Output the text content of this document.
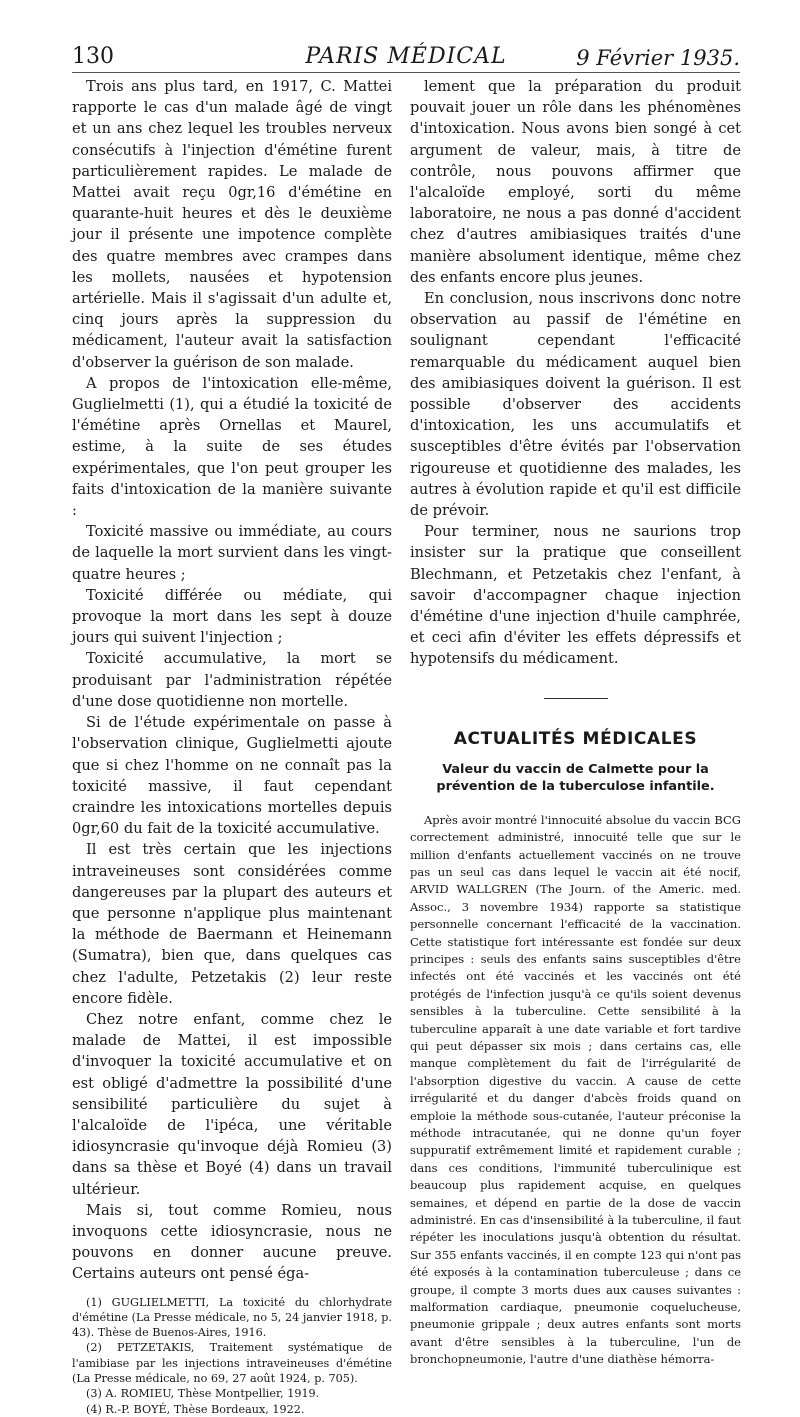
130	PARIS MÉDICAL	9 Février 1935.

Trois ans plus tard, en 1917, C. Mattei rapporte le cas d'un malade âgé de vingt et un ans chez lequel les troubles nerveux consécutifs à l'injection d'émétine furent particulièrement rapides. Le malade de Mattei avait reçu 0gr,16 d'émétine en quarante-huit heures et dès le deuxième jour il présente une impotence complète des quatre membres avec crampes dans les mollets, nausées et hypotension artérielle. Mais il s'agissait d'un adulte et, cinq jours après la suppression du médicament, l'auteur avait la satisfaction d'observer la guérison de son malade.

A propos de l'intoxication elle-même, Guglielmetti (1), qui a étudié la toxicité de l'émétine après Ornellas et Maurel, estime, à la suite de ses études expérimentales, que l'on peut grouper les faits d'intoxication de la manière suivante :

Toxicité massive ou immédiate, au cours de laquelle la mort survient dans les vingt-quatre heures ;

Toxicité différée ou médiate, qui provoque la mort dans les sept à douze jours qui suivent l'injection ;

Toxicité accumulative, la mort se produisant par l'administration répétée d'une dose quotidienne non mortelle.

Si de l'étude expérimentale on passe à l'observation clinique, Guglielmetti ajoute que si chez l'homme on ne connaît pas la toxicité massive, il faut cependant craindre les intoxications mortelles depuis 0gr,60 du fait de la toxicité accumulative.

Il est très certain que les injections intraveineuses sont considérées comme dangereuses par la plupart des auteurs et que personne n'applique plus maintenant la méthode de Baermann et Heinemann (Sumatra), bien que, dans quelques cas chez l'adulte, Petzetakis (2) leur reste encore fidèle.

Chez notre enfant, comme chez le malade de Mattei, il est impossible d'invoquer la toxicité accumulative et on est obligé d'admettre la possibilité d'une sensibilité particulière du sujet à l'alcaloïde de l'ipéca, une véritable idiosyncrasie qu'invoque déjà Romieu (3) dans sa thèse et Boyé (4) dans un travail ultérieur.

Mais si, tout comme Romieu, nous invoquons cette idiosyncrasie, nous ne pouvons en donner aucune preuve. Certains auteurs ont pensé éga-

(1) GUGLIELMETTI, La toxicité du chlorhydrate d'émétine (La Presse médicale, no 5, 24 janvier 1918, p. 43). Thèse de Buenos-Aires, 1916.

(2) PETZETAKIS, Traitement systématique de l'amibiase par les injections intraveineuses d'émétine (La Presse médicale, no 69, 27 août 1924, p. 705).

(3) A. ROMIEU, Thèse Montpellier, 1919.

(4) R.-P. BOYÉ, Thèse Bordeaux, 1922.

lement que la préparation du produit pouvait jouer un rôle dans les phénomènes d'intoxication. Nous avons bien songé à cet argument de valeur, mais, à titre de contrôle, nous pouvons affirmer que l'alcaloïde employé, sorti du même laboratoire, ne nous a pas donné d'accident chez d'autres amibiasiques traités d'une manière absolument identique, même chez des enfants encore plus jeunes.

En conclusion, nous inscrivons donc notre observation au passif de l'émétine en soulignant cependant l'efficacité remarquable du médicament auquel bien des amibiasiques doivent la guérison. Il est possible d'observer des accidents d'intoxication, les uns accumulatifs et susceptibles d'être évités par l'observation rigoureuse et quotidienne des malades, les autres à évolution rapide et qu'il est difficile de prévoir.

Pour terminer, nous ne saurions trop insister sur la pratique que conseillent Blechmann, et Petzetakis chez l'enfant, à savoir d'accompagner chaque injection d'émétine d'une injection d'huile camphrée, et ceci afin d'éviter les effets dépressifs et hypotensifs du médicament.

ACTUALITÉS MÉDICALES
Valeur du vaccin de Calmette pour la prévention de la tuberculose infantile.

Après avoir montré l'innocuité absolue du vaccin BCG correctement administré, innocuité telle que sur le million d'enfants actuellement vaccinés on ne trouve pas un seul cas dans lequel le vaccin ait été nocif, ARVID WALLGREN (The Journ. of the Americ. med. Assoc., 3 novembre 1934) rapporte sa statistique personnelle concernant l'efficacité de la vaccination. Cette statistique fort intéressante est fondée sur deux principes : seuls des enfants sains susceptibles d'être infectés ont été vaccinés et les vaccinés ont été protégés de l'infection jusqu'à ce qu'ils soient devenus sensibles à la tuberculine. Cette sensibilité à la tuberculine apparaît à une date variable et fort tardive qui peut dépasser six mois ; dans certains cas, elle manque complètement du fait de l'irrégularité de l'absorption digestive du vaccin. A cause de cette irrégularité et du danger d'abcès froids quand on emploie la méthode sous-cutanée, l'auteur préconise la méthode intracutanée, qui ne donne qu'un foyer suppuratif extrêmement limité et rapidement curable ; dans ces conditions, l'immunité tuberculinique est beaucoup plus rapidement acquise, en quelques semaines, et dépend en partie de la dose de vaccin administré. En cas d'insensibilité à la tuberculine, il faut répéter les inoculations jusqu'à obtention du résultat. Sur 355 enfants vaccinés, il en compte 123 qui n'ont pas été exposés à la contamination tuberculeuse ; dans ce groupe, il compte 3 morts dues aux causes suivantes : malformation cardiaque, pneumonie coquelucheuse, pneumonie grippale ; deux autres enfants sont morts avant d'être sensibles à la tuberculine, l'un de bronchopneumonie, l'autre d'une diathèse hémorra-
